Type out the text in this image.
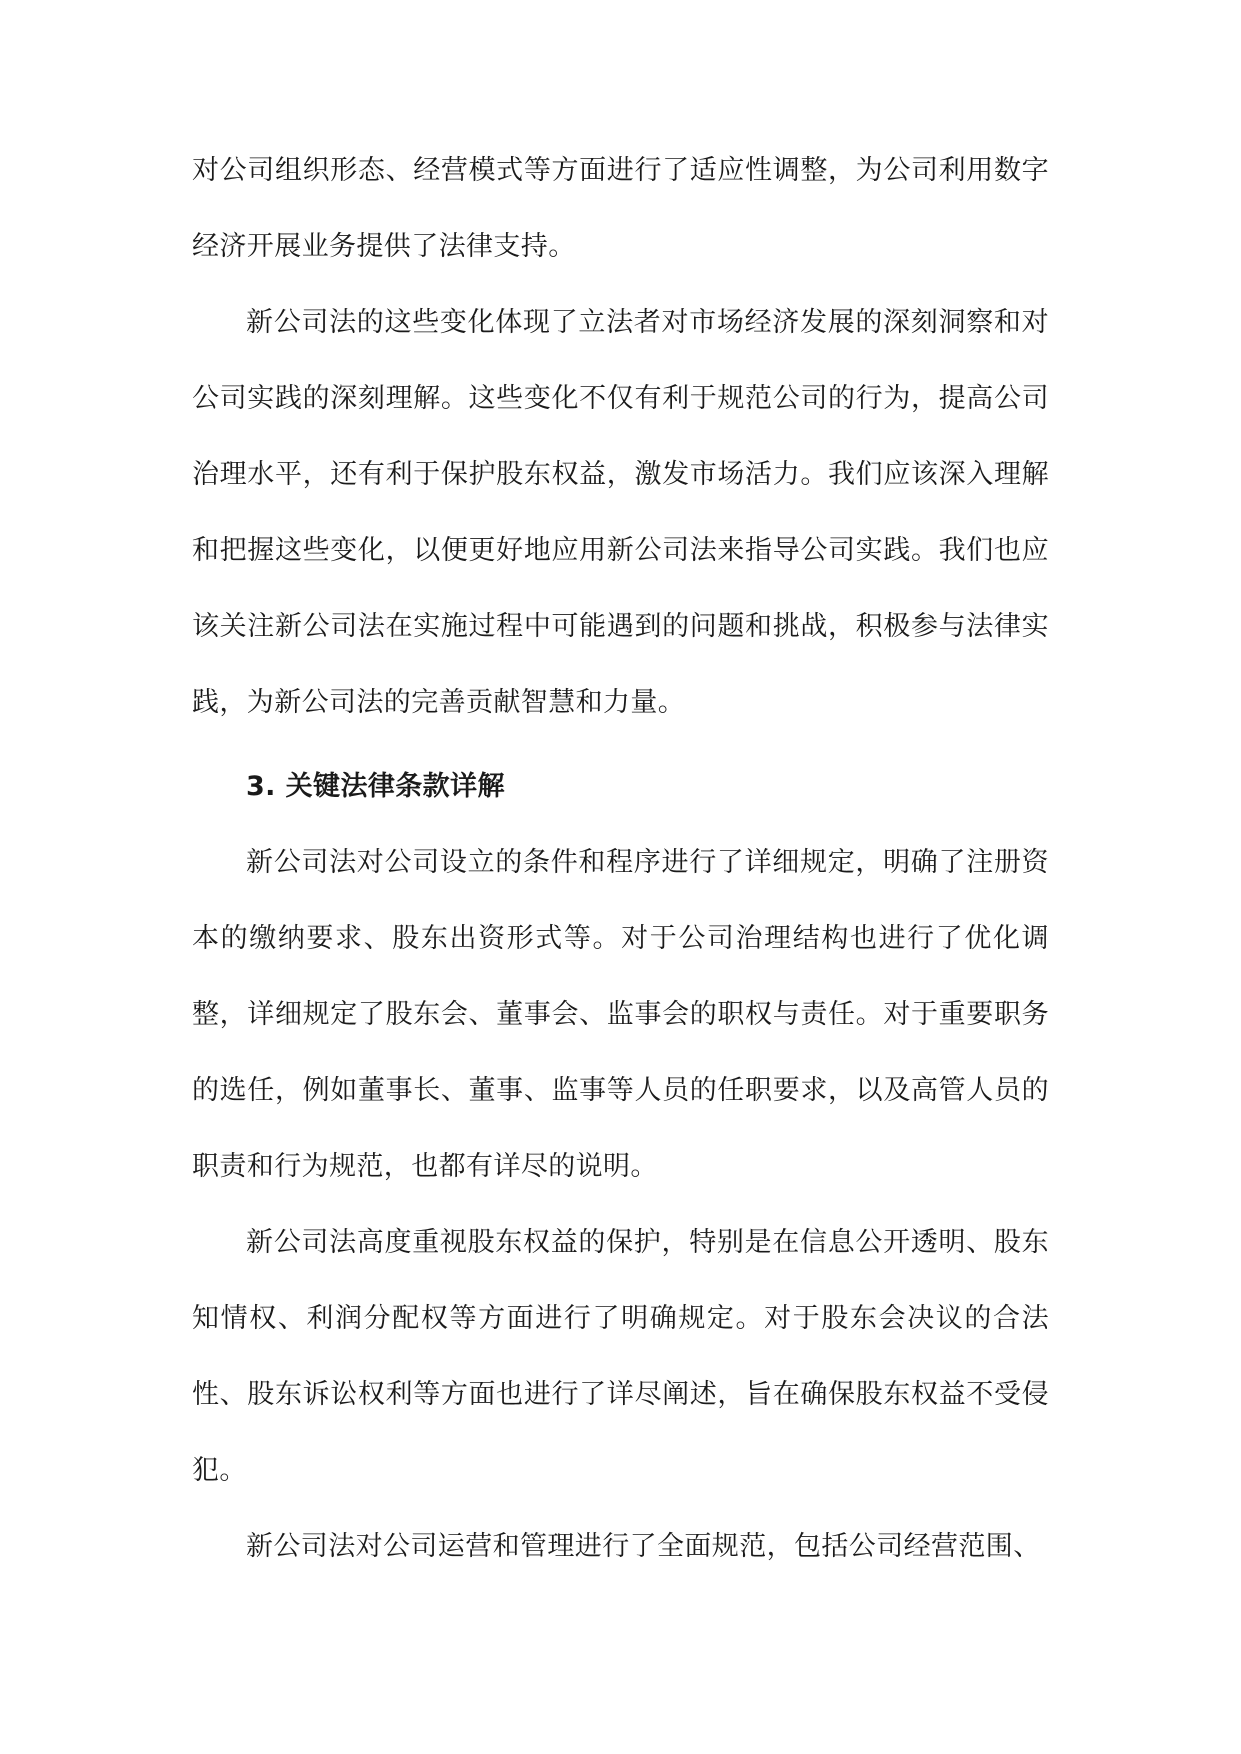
对公司组织形态、经营模式等方面进行了适应性调整，为公司利用数字经济开展业务提供了法律支持。

新公司法的这些变化体现了立法者对市场经济发展的深刻洞察和对公司实践的深刻理解。这些变化不仅有利于规范公司的行为，提高公司治理水平，还有利于保护股东权益，激发市场活力。我们应该深入理解和把握这些变化，以便更好地应用新公司法来指导公司实践。我们也应该关注新公司法在实施过程中可能遇到的问题和挑战，积极参与法律实践，为新公司法的完善贡献智慧和力量。

3. 关键法律条款详解

新公司法对公司设立的条件和程序进行了详细规定，明确了注册资本的缴纳要求、股东出资形式等。对于公司治理结构也进行了优化调整，详细规定了股东会、董事会、监事会的职权与责任。对于重要职务的选任，例如董事长、董事、监事等人员的任职要求，以及高管人员的职责和行为规范，也都有详尽的说明。

新公司法高度重视股东权益的保护，特别是在信息公开透明、股东知情权、利润分配权等方面进行了明确规定。对于股东会决议的合法性、股东诉讼权利等方面也进行了详尽阐述，旨在确保股东权益不受侵犯。

新公司法对公司运营和管理进行了全面规范，包括公司经营范围、
